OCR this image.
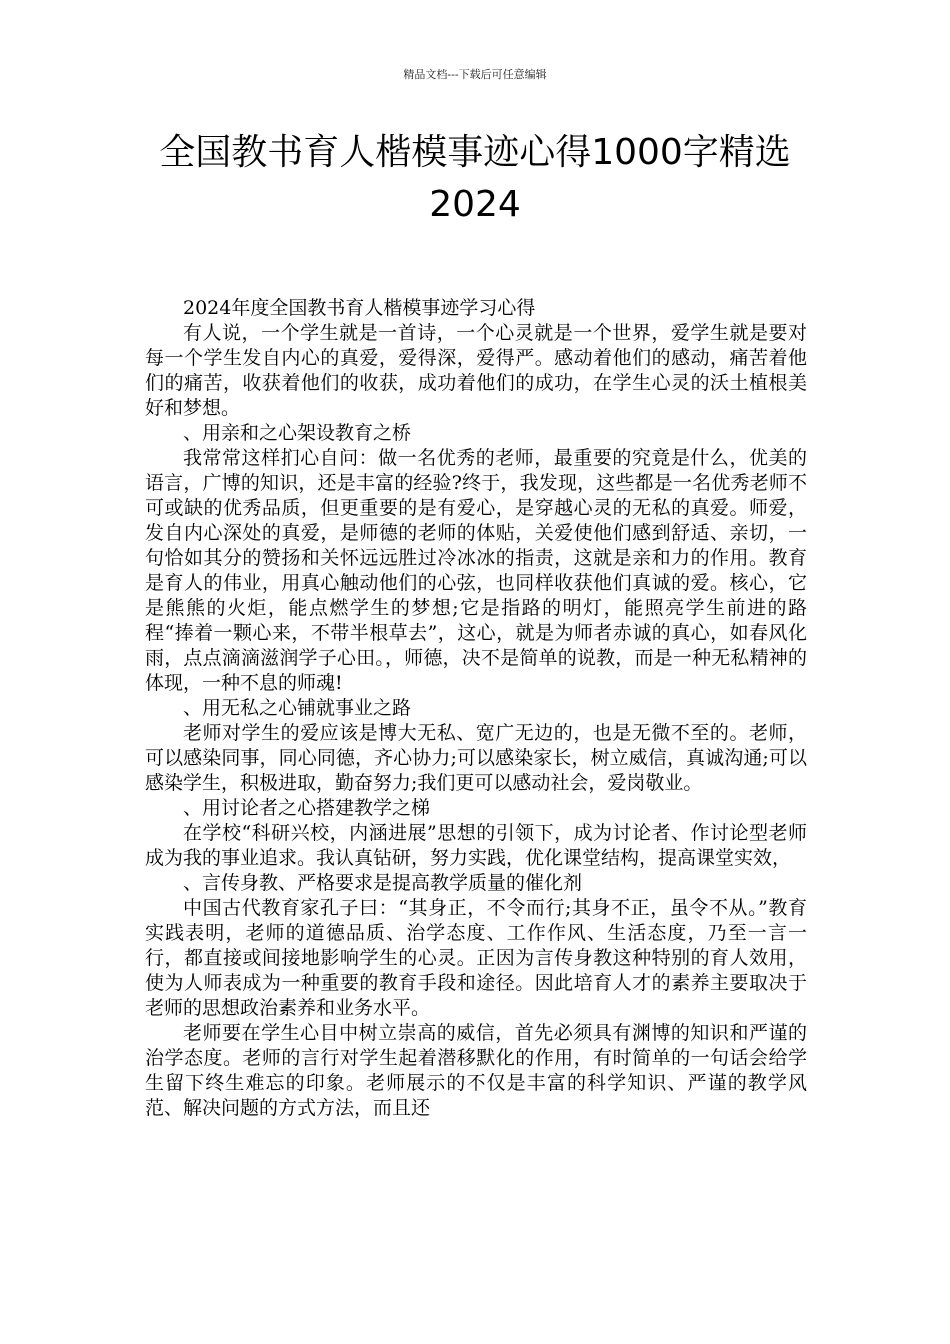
精品文档---下载后可任意编辑
全国教书育人楷模事迹心得1000字精选2024

2024年度全国教书育人楷模事迹学习心得

有人说，一个学生就是一首诗，一个心灵就是一个世界，爱学生就是要对每一个学生发自内心的真爱，爱得深，爱得严。感动着他们的感动，痛苦着他们的痛苦，收获着他们的收获，成功着他们的成功，在学生心灵的沃土植根美好和梦想。

、用亲和之心架设教育之桥

我常常这样扪心自问：做一名优秀的老师，最重要的究竟是什么，优美的语言，广博的知识，还是丰富的经验?终于，我发现，这些都是一名优秀老师不可或缺的优秀品质，但更重要的是有爱心，是穿越心灵的无私的真爱。师爱，发自内心深处的真爱，是师德的老师的体贴，关爱使他们感到舒适、亲切，一句恰如其分的赞扬和关怀远远胜过冷冰冰的指责，这就是亲和力的作用。教育是育人的伟业，用真心触动他们的心弦，也同样收获他们真诚的爱。核心，它是熊熊的火炬，能点燃学生的梦想;它是指路的明灯，能照亮学生前进的路程“捧着一颗心来，不带半根草去”，这心，就是为师者赤诚的真心，如春风化雨，点点滴滴滋润学子心田。，师德，决不是简单的说教，而是一种无私精神的体现，一种不息的师魂!

、用无私之心铺就事业之路

老师对学生的爱应该是博大无私、宽广无边的，也是无微不至的。老师，可以感染同事，同心同德，齐心协力;可以感染家长，树立威信，真诚沟通;可以感染学生，积极进取，勤奋努力;我们更可以感动社会，爱岗敬业。

、用讨论者之心搭建教学之梯

在学校“科研兴校，内涵进展”思想的引领下，成为讨论者、作讨论型老师成为我的事业追求。我认真钻研，努力实践，优化课堂结构，提高课堂实效，

、言传身教、严格要求是提高教学质量的催化剂

中国古代教育家孔子曰：“其身正，不令而行;其身不正，虽令不从。”教育实践表明，老师的道德品质、治学态度、工作作风、生活态度，乃至一言一行，都直接或间接地影响学生的心灵。正因为言传身教这种特别的育人效用，使为人师表成为一种重要的教育手段和途径。因此培育人才的素养主要取决于老师的思想政治素养和业务水平。

老师要在学生心目中树立崇高的威信，首先必须具有渊博的知识和严谨的治学态度。老师的言行对学生起着潜移默化的作用，有时简单的一句话会给学生留下终生难忘的印象。老师展示的不仅是丰富的科学知识、严谨的教学风范、解决问题的方式方法，而且还
